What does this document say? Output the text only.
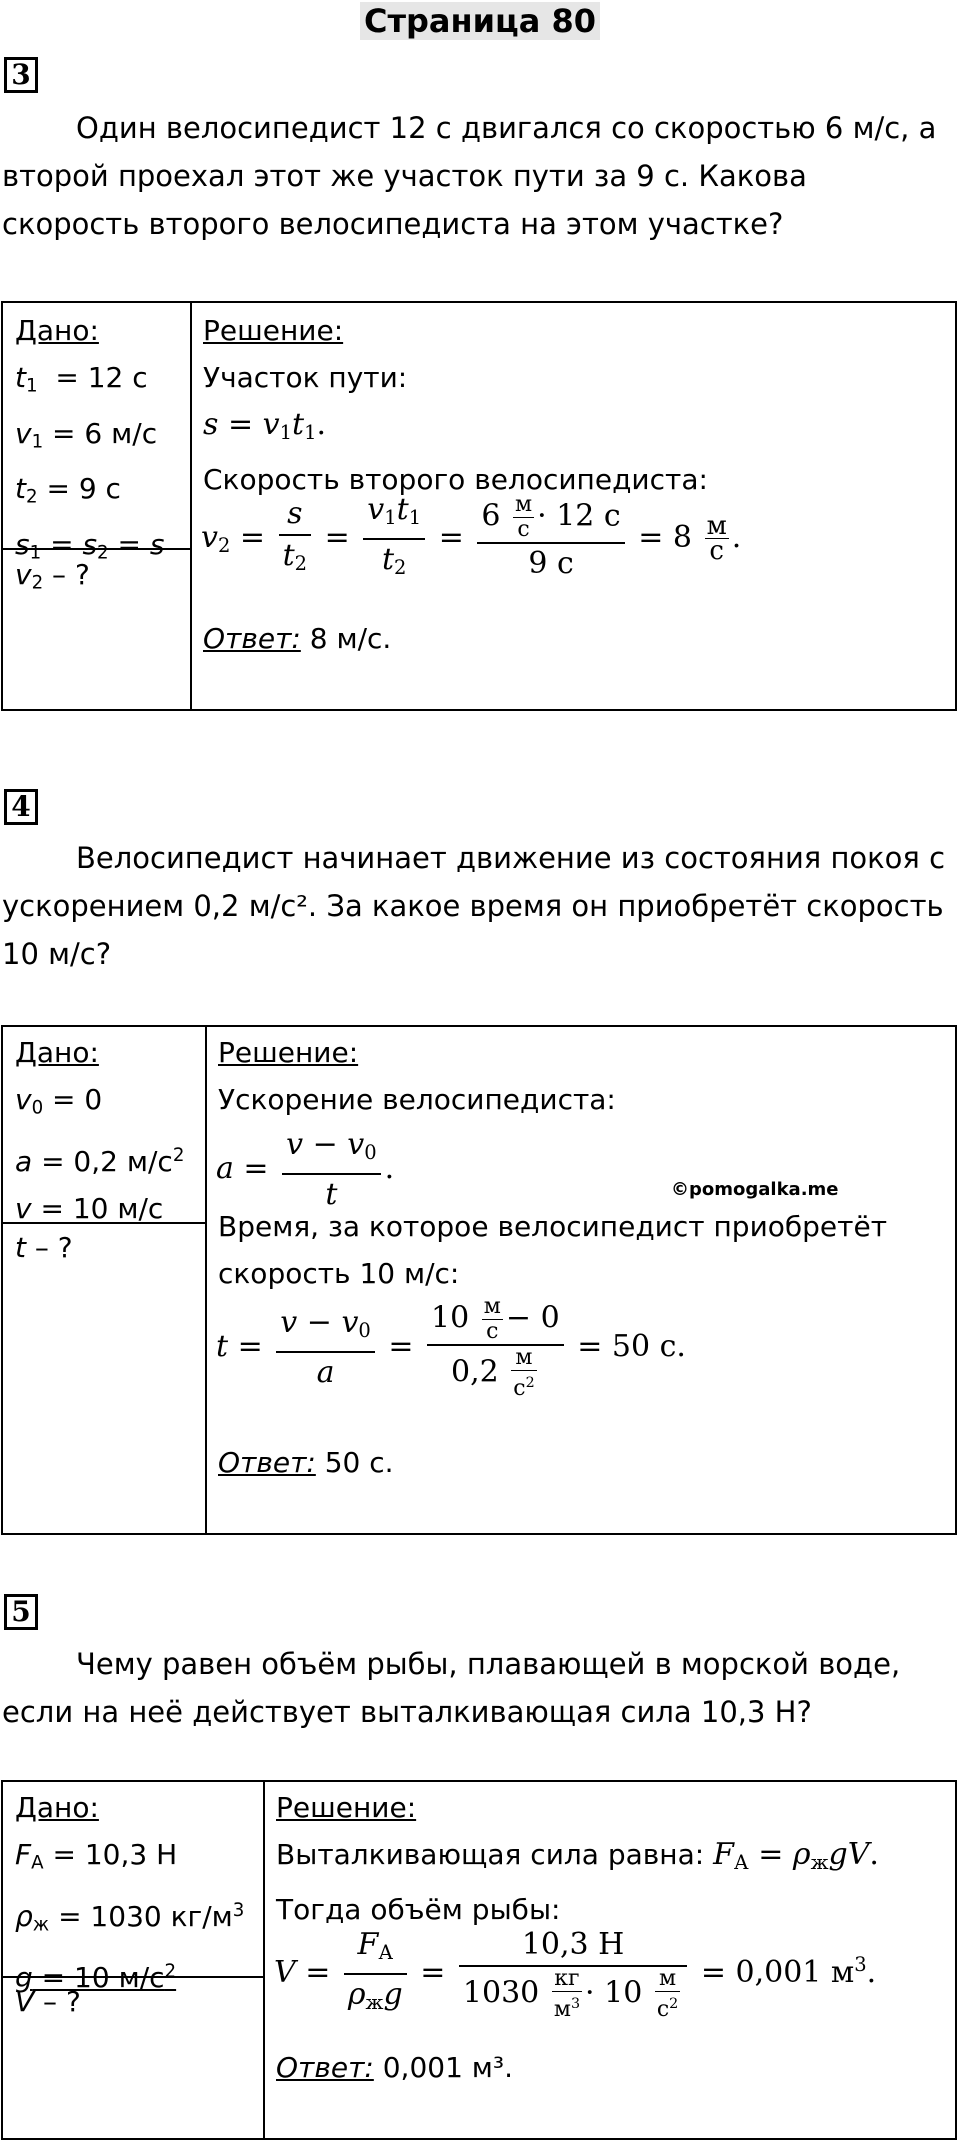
Страница 80
3

Один велосипедист 12 с двигался со скоростью 6 м/с, а второй проехал этот же участок пути за 9 с. Какова скорость второго велосипедиста на этом участке?

Дано:
$t_1 = 12$ с
$v_1 = 6$ м/с
$t_2 = 9$ с
$s_1 = s_2 = s$
$v_2$ – ?
Решение:
Участок пути:
$s = v_1t_1$.
Скорость второго велосипедиста:
$v_2 = \frac{s}{t_2} = \frac{v_1t_1}{t_2} = 6$ м
с · 12 с
9 с = 8 м
с .
Ответ: 8 м/с.
4

Велосипедист начинает движение из состояния покоя с ускорением 0,2 м/с². За какое время он приобретёт скорость 10 м/с?

Дано:
$v_0 = 0$
a = 0,2 $м/с^2$
v = 10 м/с
t – ?
Решение:
Ускорение велосипедиста:
$a = \frac{v - v_0}{t}$ .
©pomogalka.me
Время, за которое велосипедист приобретёт
скорость 10 м/с:
$t = \frac{v - v_0}{a} = 10$ м
с − 0
0,2 м
$с^2 = 50$ с.
Ответ: 50 с.
5

Чему равен объём рыбы, плавающей в морской воде, если на неё действует выталкивающая сила 10,3 Н?

Дано:
$F_А = 10,3$ Н
$\rho_ж = 1030$ $кг/м^3$
g = 10 $м/с^2$
V – ?
Решение:
Выталкивающая сила равна: $F_А = \rho_жgV$.
Тогда объём рыбы:
$V = \frac{F_А}{\rho_жg} = 10,3$ Н
1030 кг
$м^3 \cdot 10$ м
$с^2 = 0,001$ $м^3$.
Ответ: 0,001 м³.
